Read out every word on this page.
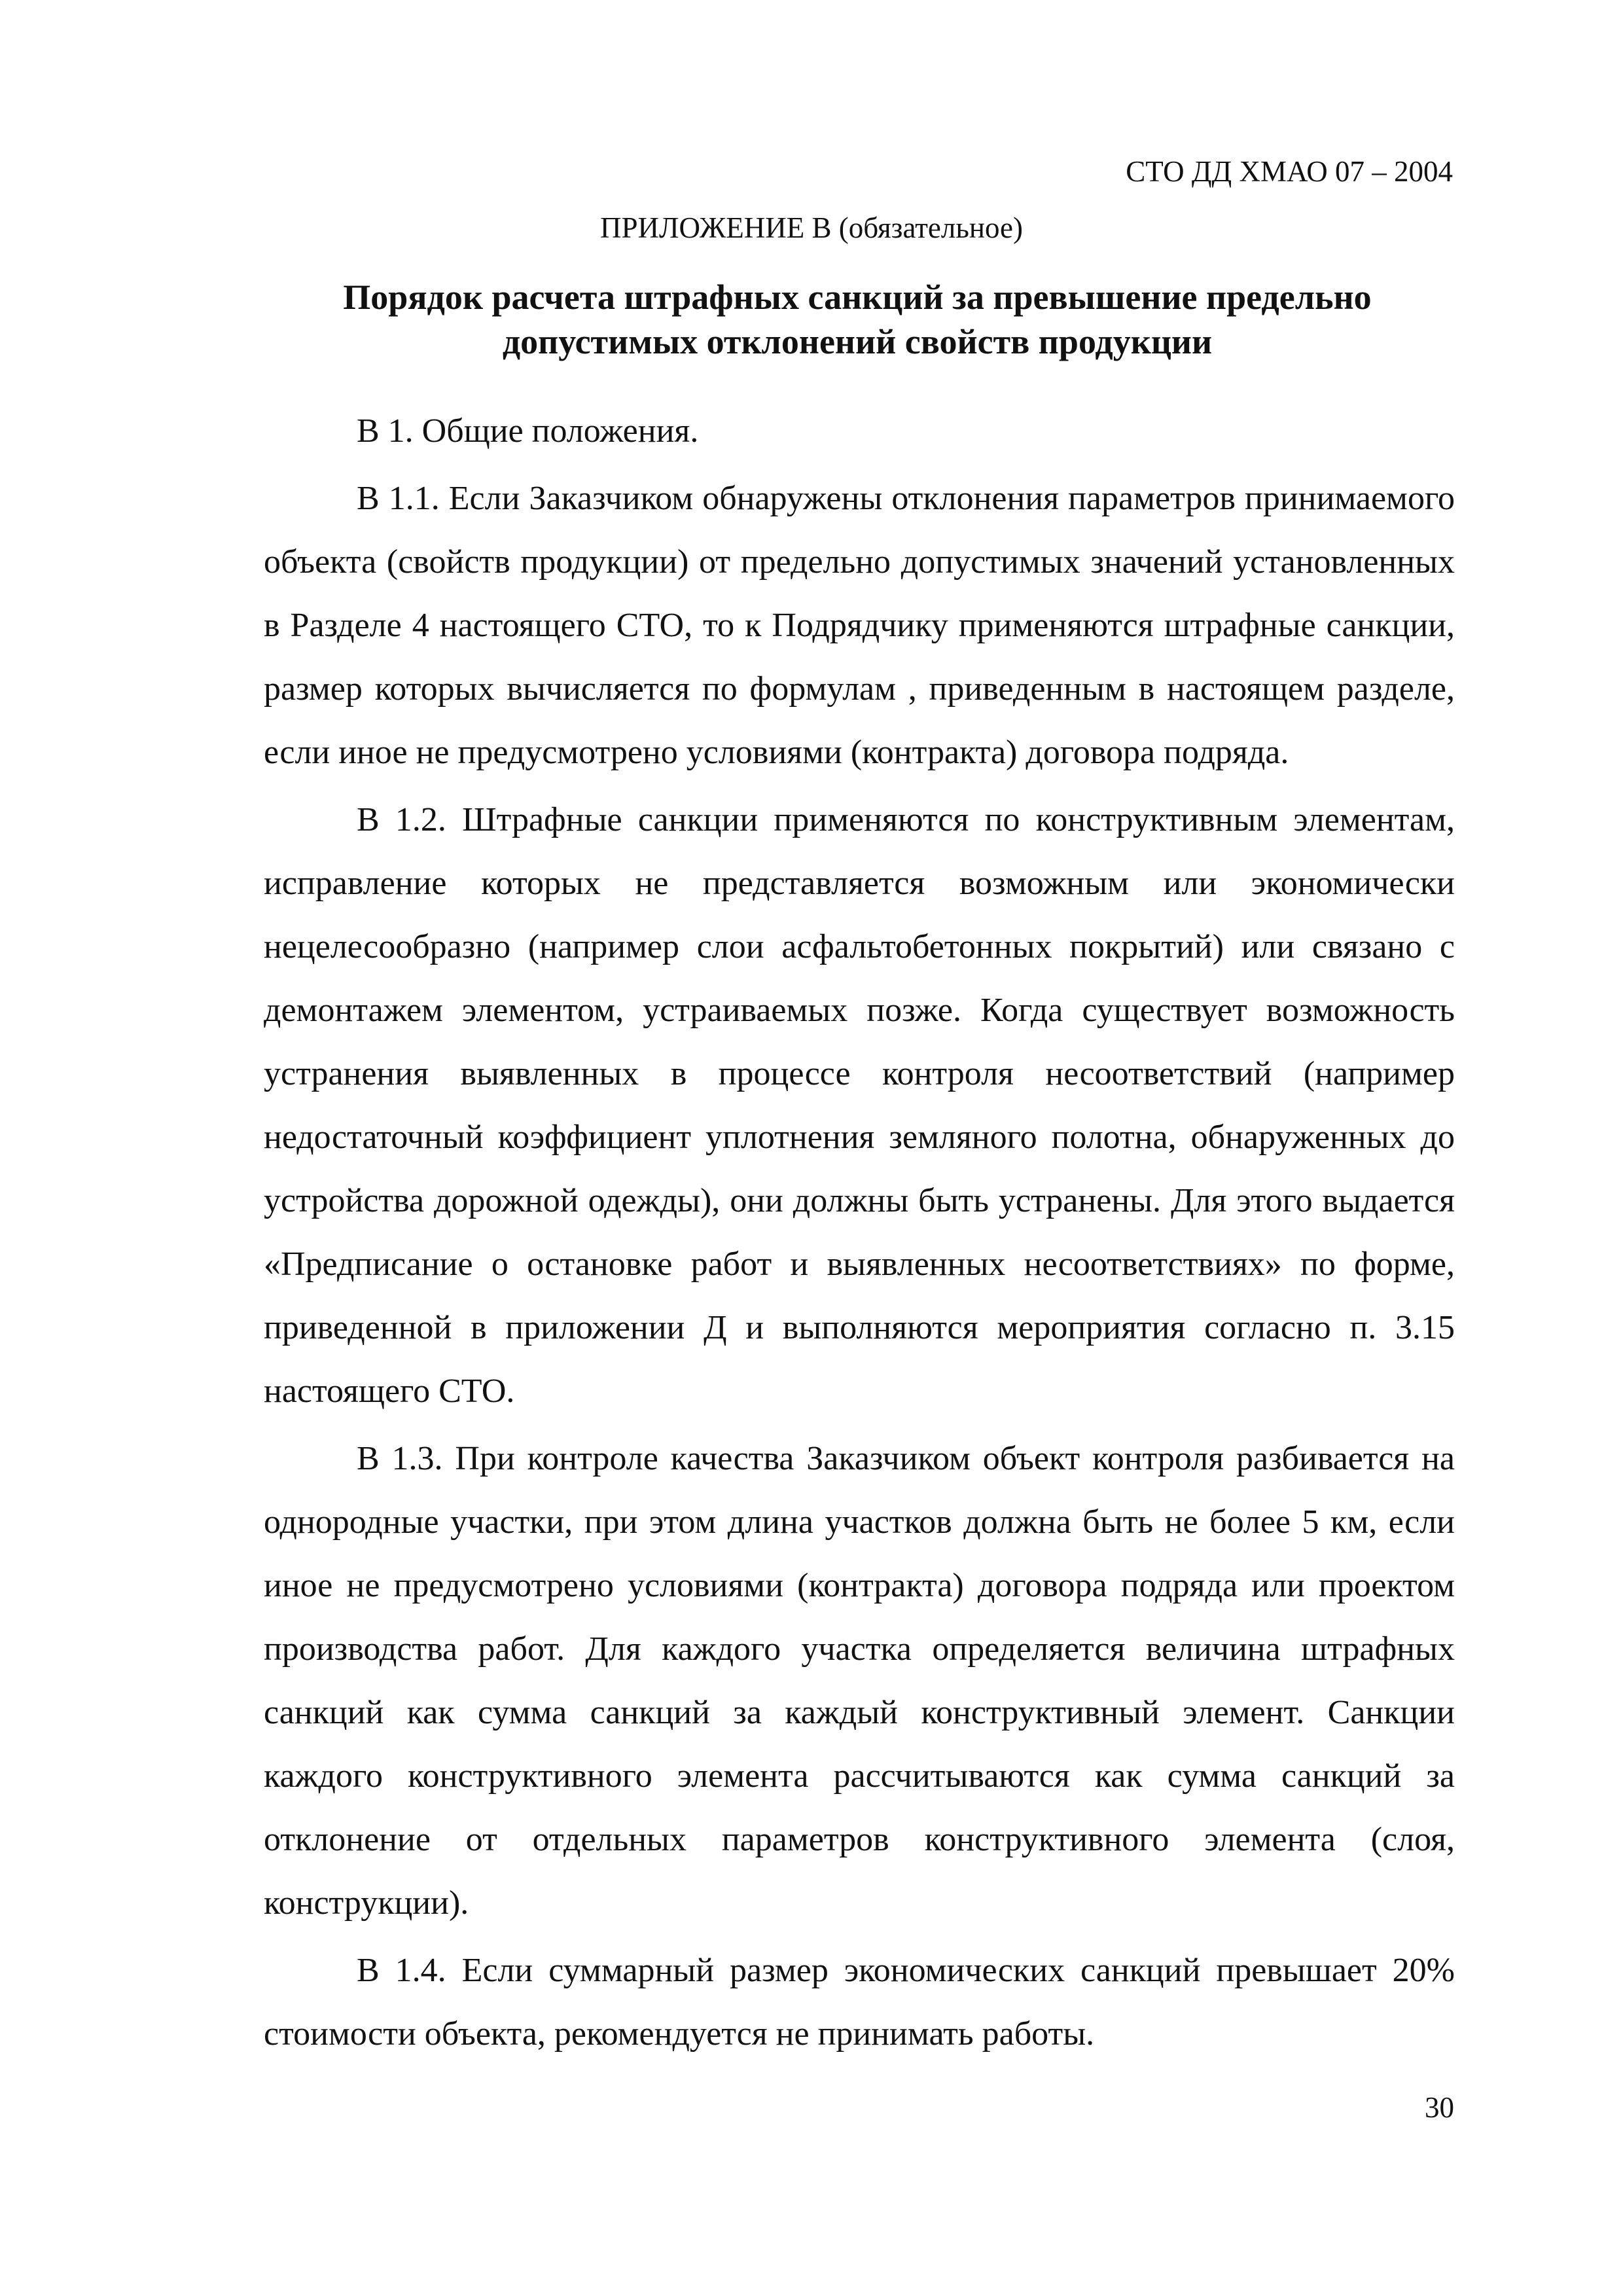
СТО ДД ХМАО 07 – 2004
ПРИЛОЖЕНИЕ В (обязательное)
Порядок расчета штрафных санкций за превышение предельно допустимых отклонений свойств продукции

В 1. Общие положения.

В 1.1. Если Заказчиком обнаружены отклонения параметров принимаемого объекта (свойств продукции) от предельно допустимых значений установленных в Разделе 4 настоящего СТО, то к Подрядчику применяются штрафные санкции, размер которых вычисляется по формулам , приведенным в настоящем разделе, если иное не предусмотрено условиями (контракта) договора подряда.

В 1.2. Штрафные санкции применяются по конструктивным элементам, исправление которых не представляется возможным или экономически нецелесообразно (например слои асфальтобетонных покрытий) или связано с демонтажем элементом, устраиваемых позже. Когда существует возможность устранения выявленных в процессе контроля несоответствий (например недостаточный коэффициент уплотнения земляного полотна, обнаруженных до устройства дорожной одежды), они должны быть устранены. Для этого выдается «Предписание о остановке работ и выявленных несоответствиях» по форме, приведенной в приложении Д и выполняются мероприятия согласно п. 3.15 настоящего СТО.

В 1.3. При контроле качества Заказчиком объект контроля разбивается на однородные участки, при этом длина участков должна быть не более 5 км, если иное не предусмотрено условиями (контракта) договора подряда или проектом производства работ. Для каждого участка определяется величина штрафных санкций как сумма санкций за каждый конструктивный элемент. Санкции каждого конструктивного элемента рассчитываются как сумма санкций за отклонение от отдельных параметров конструктивного элемента (слоя, конструкции).

В 1.4. Если суммарный размер экономических санкций превышает 20% стоимости объекта, рекомендуется не принимать работы.

30
